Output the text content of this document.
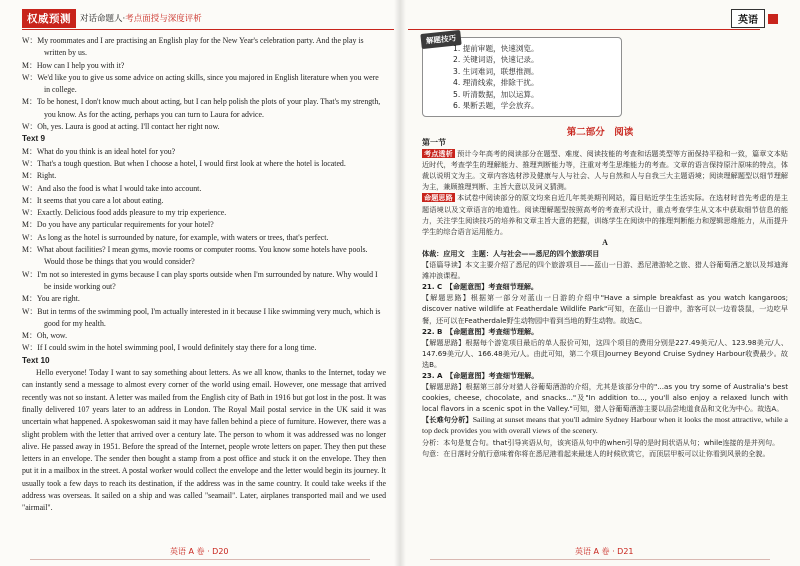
权威预测	对话命题人·考点面授与深度评析

W：My roommates and I are practising an English play for the New Year's celebration party. And the play is written by us.

M：How can I help you with it?

W：We'd like you to give us some advice on acting skills, since you majored in English literature when you were in college.

M：To be honest, I don't know much about acting, but I can help polish the plots of your play. That's my strength, you know. As for the acting, perhaps you can turn to Laura for advice.

W：Oh, yes. Laura is good at acting. I'll contact her right now.

Text 9

M：What do you think is an ideal hotel for you?

W：That's a tough question. But when I choose a hotel, I would first look at where the hotel is located.

M：Right.

W：And also the food is what I would take into account.

M：It seems that you care a lot about eating.

W：Exactly. Delicious food adds pleasure to my trip experience.

M：Do you have any particular requirements for your hotel?

W：As long as the hotel is surrounded by nature, for example, with waters or trees, that's perfect.

M：What about facilities? I mean gyms, movie rooms or computer rooms. You know some hotels have pools. Would those be things that you would consider?

W：I'm not so interested in gyms because I can play sports outside when I'm surrounded by nature. Why would I be inside working out?

M：You are right.

W：But in terms of the swimming pool, I'm actually interested in it because I like swimming very much, which is good for my health.

M：Oh, wow.

W：If I could swim in the hotel swimming pool, I would definitely stay there for a long time.

Text 10

Hello everyone! Today I want to say something about letters. As we all know, thanks to the Internet, today we can instantly send a message to almost every corner of the world using email. However, one message that arrived recently was not so instant. A letter was mailed from the English city of Bath in 1916 but got lost in the post. It was finally delivered 107 years later to an address in London. The Royal Mail postal service in the UK said it was uncertain what happened. A spokeswoman said it may have fallen behind a piece of furniture. However, there was a slight problem with the letter that arrived over a century late. The person to whom it was addressed was no longer alive. He passed away in 1951. Before the spread of the Internet, people wrote letters on paper. They then put these letters in an envelope. The sender then bought a stamp from a post office and stuck it on the envelope. They then put it in a mailbox in the street. A postal worker would collect the envelope and the letter would begin its journey. It usually took a few days to reach its destination, if the address was in the same country. It could take weeks if the address was overseas. It sailed on a ship and was called "seamail". Later, airplanes transported mail and we used "airmail".

英语 A 卷 · D20
英语
解题技巧
1. 提前审题，快速浏览。
2. 关键词语，快速记录。
3. 生词难词，联想推测。
4. 理清线索，排除干扰。
5. 听清数据，加以运算。
6. 果断丢题，学会放弃。
第二部分　阅读

第一节

考点透析 预计今年高考的阅读部分在题型、难度、阅读技能的考查和话题类型等方面保持平稳和一致，篇章文本贴近时代，考查学生的理解能力、推理判断能力等，注重对考生思维能力的考查。文章的语言保持原汁原味的特点，体裁以说明文为主。文章内容选材涉及健康与人与社会、人与自然和人与自我三大主题语境；阅读理解题型以细节理解为主，兼顾推理判断、主旨大意以及词义猜测。

命题思路 本试卷中阅读部分的原文均来自近几年英美期刊网站，篇目贴近学生生活实际。在选材时首先考虑的是主题语境以及文章语言的地道性。阅读理解题型按照高考的考查形式设计，重点考查学生从文本中获取细节信息的能力，关注学生阅读技巧的培养和文章主旨大意的把握，训练学生在阅读中的推理判断能力和逻辑思维能力，从而提升学生的综合语言运用能力。

A

体裁：应用文　主题：人与社会——悉尼的四个旅游项目

【语篇导读】本文主要介绍了悉尼的四个旅游项目——蓝山一日游、悉尼港游轮之旅、猎人谷葡萄酒之旅以及邦迪海滩冲浪课程。

21. C　【命题意图】考查细节理解。

【解题思路】根据第一部分对蓝山一日游的介绍中"Have a simple breakfast as you watch kangaroos; discover native wildlife at Featherdale Wildlife Park"可知，在蓝山一日游中，游客可以一边看袋鼠，一边吃早餐，还可以在Featherdale野生动物园中看到当地的野生动物。故选C。

22. B　【命题意图】考查细节理解。

【解题思路】根据每个游览项目最后的单人报价可知，这四个项目的费用分别是227.49美元/人、123.98美元/人、147.69美元/人、166.48美元/人。由此可知，第二个项目Journey Beyond Cruise Sydney Harbour收费最少。故选B。

23. A　【命题意图】考查细节理解。

【解题思路】根据第三部分对猎人谷葡萄酒游的介绍，尤其是该部分中的"...as you try some of Australia's best cookies, cheese, chocolate, and snacks..."及"In addition to..., you'll also enjoy a relaxed lunch with local flavors in a scenic spot in the Valley."可知，猎人谷葡萄酒游主要以品尝地道食品和文化为中心。故选A。

【长难句分析】Sailing at sunset means that you'll admire Sydney Harbour when it looks the most attractive, while a top deck provides you with overall views of the scenery.

分析：本句是复合句。that引导宾语从句，该宾语从句中的when引导的是时间状语从句；while连接的是并列句。

句意：在日落时分航行意味着你将在悉尼港看起来最迷人的时候欣赏它，而顶层甲板可以让你看到风景的全貌。

英语 A 卷 · D21
